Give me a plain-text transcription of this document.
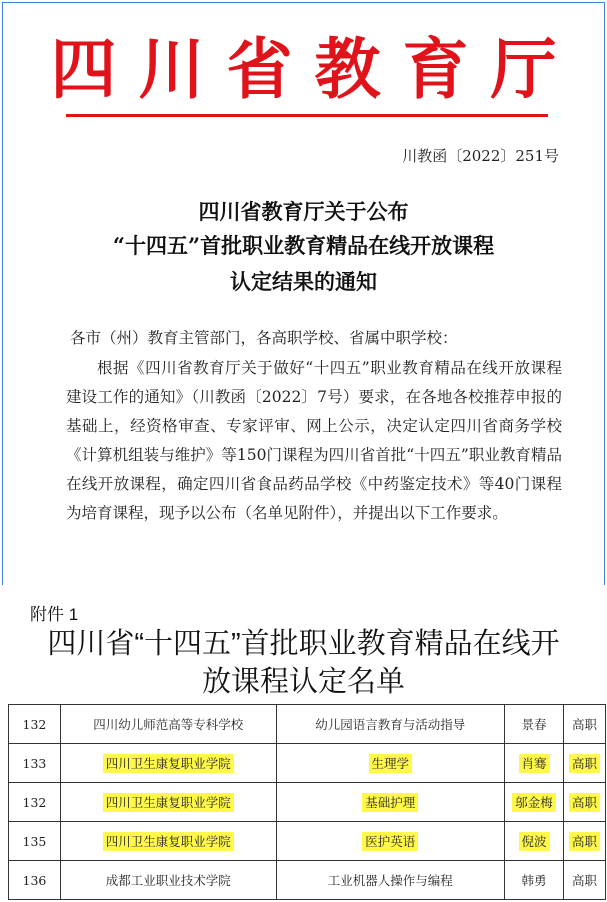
四川省教育厅
川教函〔2022〕251号
四川省教育厅关于公布
“十四五”首批职业教育精品在线开放课程
认定结果的通知
各市（州）教育主管部门，各高职学校、省属中职学校：
根据《四川省教育厅关于做好“十四五”职业教育精品在线开放课程建设工作的通知》（川教函〔2022〕7号）要求，在各地各校推荐申报的基础上，经资格审查、专家评审、网上公示，决定认定四川省商务学校《计算机组装与维护》等150门课程为四川省首批“十四五”职业教育精品在线开放课程，确定四川省食品药品学校《中药鉴定技术》等40门课程为培育课程，现予以公布（名单见附件），并提出以下工作要求。
附件 1
四川省“十四五”首批职业教育精品在线开
放课程认定名单
132	四川幼儿师范高等专科学校	幼儿园语言教育与活动指导	景春	高职
133	四川卫生康复职业学院	生理学	肖骞	高职
132	四川卫生康复职业学院	基础护理	邬金梅	高职
135	四川卫生康复职业学院	医护英语	倪波	高职
136	成都工业职业技术学院	工业机器人操作与编程	韩勇	高职
